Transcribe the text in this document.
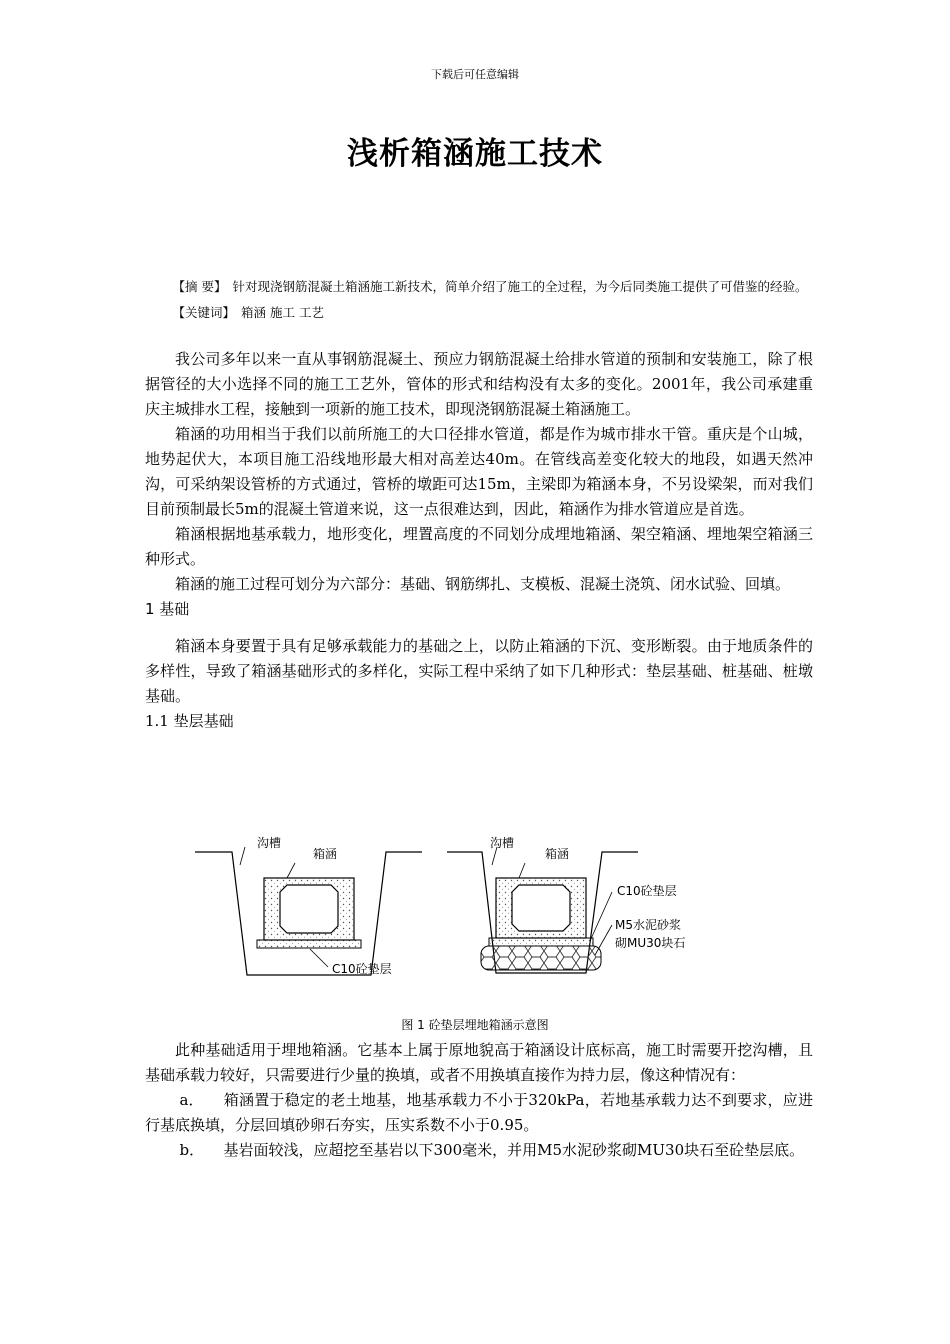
下载后可任意编辑
浅析箱涵施工技术
【摘 要】 针对现浇钢筋混凝土箱涵施工新技术，简单介绍了施工的全过程，为今后同类施工提供了可借鉴的经验。
【关键词】 箱涵 施工 工艺

我公司多年以来一直从事钢筋混凝土、预应力钢筋混凝土给排水管道的预制和安装施工，除了根据管径的大小选择不同的施工工艺外，管体的形式和结构没有太多的变化。2001年，我公司承建重庆主城排水工程，接触到一项新的施工技术，即现浇钢筋混凝土箱涵施工。

箱涵的功用相当于我们以前所施工的大口径排水管道，都是作为城市排水干管。重庆是个山城，地势起伏大，本项目施工沿线地形最大相对高差达40m。在管线高差变化较大的地段，如遇天然冲沟，可采纳架设管桥的方式通过，管桥的墩距可达15m，主梁即为箱涵本身，不另设梁架，而对我们目前预制最长5m的混凝土管道来说，这一点很难达到，因此，箱涵作为排水管道应是首选。

箱涵根据地基承载力，地形变化，埋置高度的不同划分成埋地箱涵、架空箱涵、埋地架空箱涵三种形式。

箱涵的施工过程可划分为六部分：基础、钢筋绑扎、支模板、混凝土浇筑、闭水试验、回填。

1 基础

箱涵本身要置于具有足够承载能力的基础之上，以防止箱涵的下沉、变形断裂。由于地质条件的多样性，导致了箱涵基础形式的多样化，实际工程中采纳了如下几种形式：垫层基础、桩基础、桩墩基础。

1.1 垫层基础

沟槽
箱涵
C10砼垫层
沟槽
箱涵
C10砼垫层
M5水泥砂浆
砌MU30块石
图 1 砼垫层埋地箱涵示意图

此种基础适用于埋地箱涵。它基本上属于原地貌高于箱涵设计底标高，施工时需要开挖沟槽，且基础承载力较好，只需要进行少量的换填，或者不用换填直接作为持力层，像这种情况有：

a． 箱涵置于稳定的老土地基，地基承载力不小于320kPa，若地基承载力达不到要求，应进行基底换填，分层回填砂卵石夯实，压实系数不小于0.95。

b． 基岩面较浅，应超挖至基岩以下300毫米，并用M5水泥砂浆砌MU30块石至砼垫层底。
